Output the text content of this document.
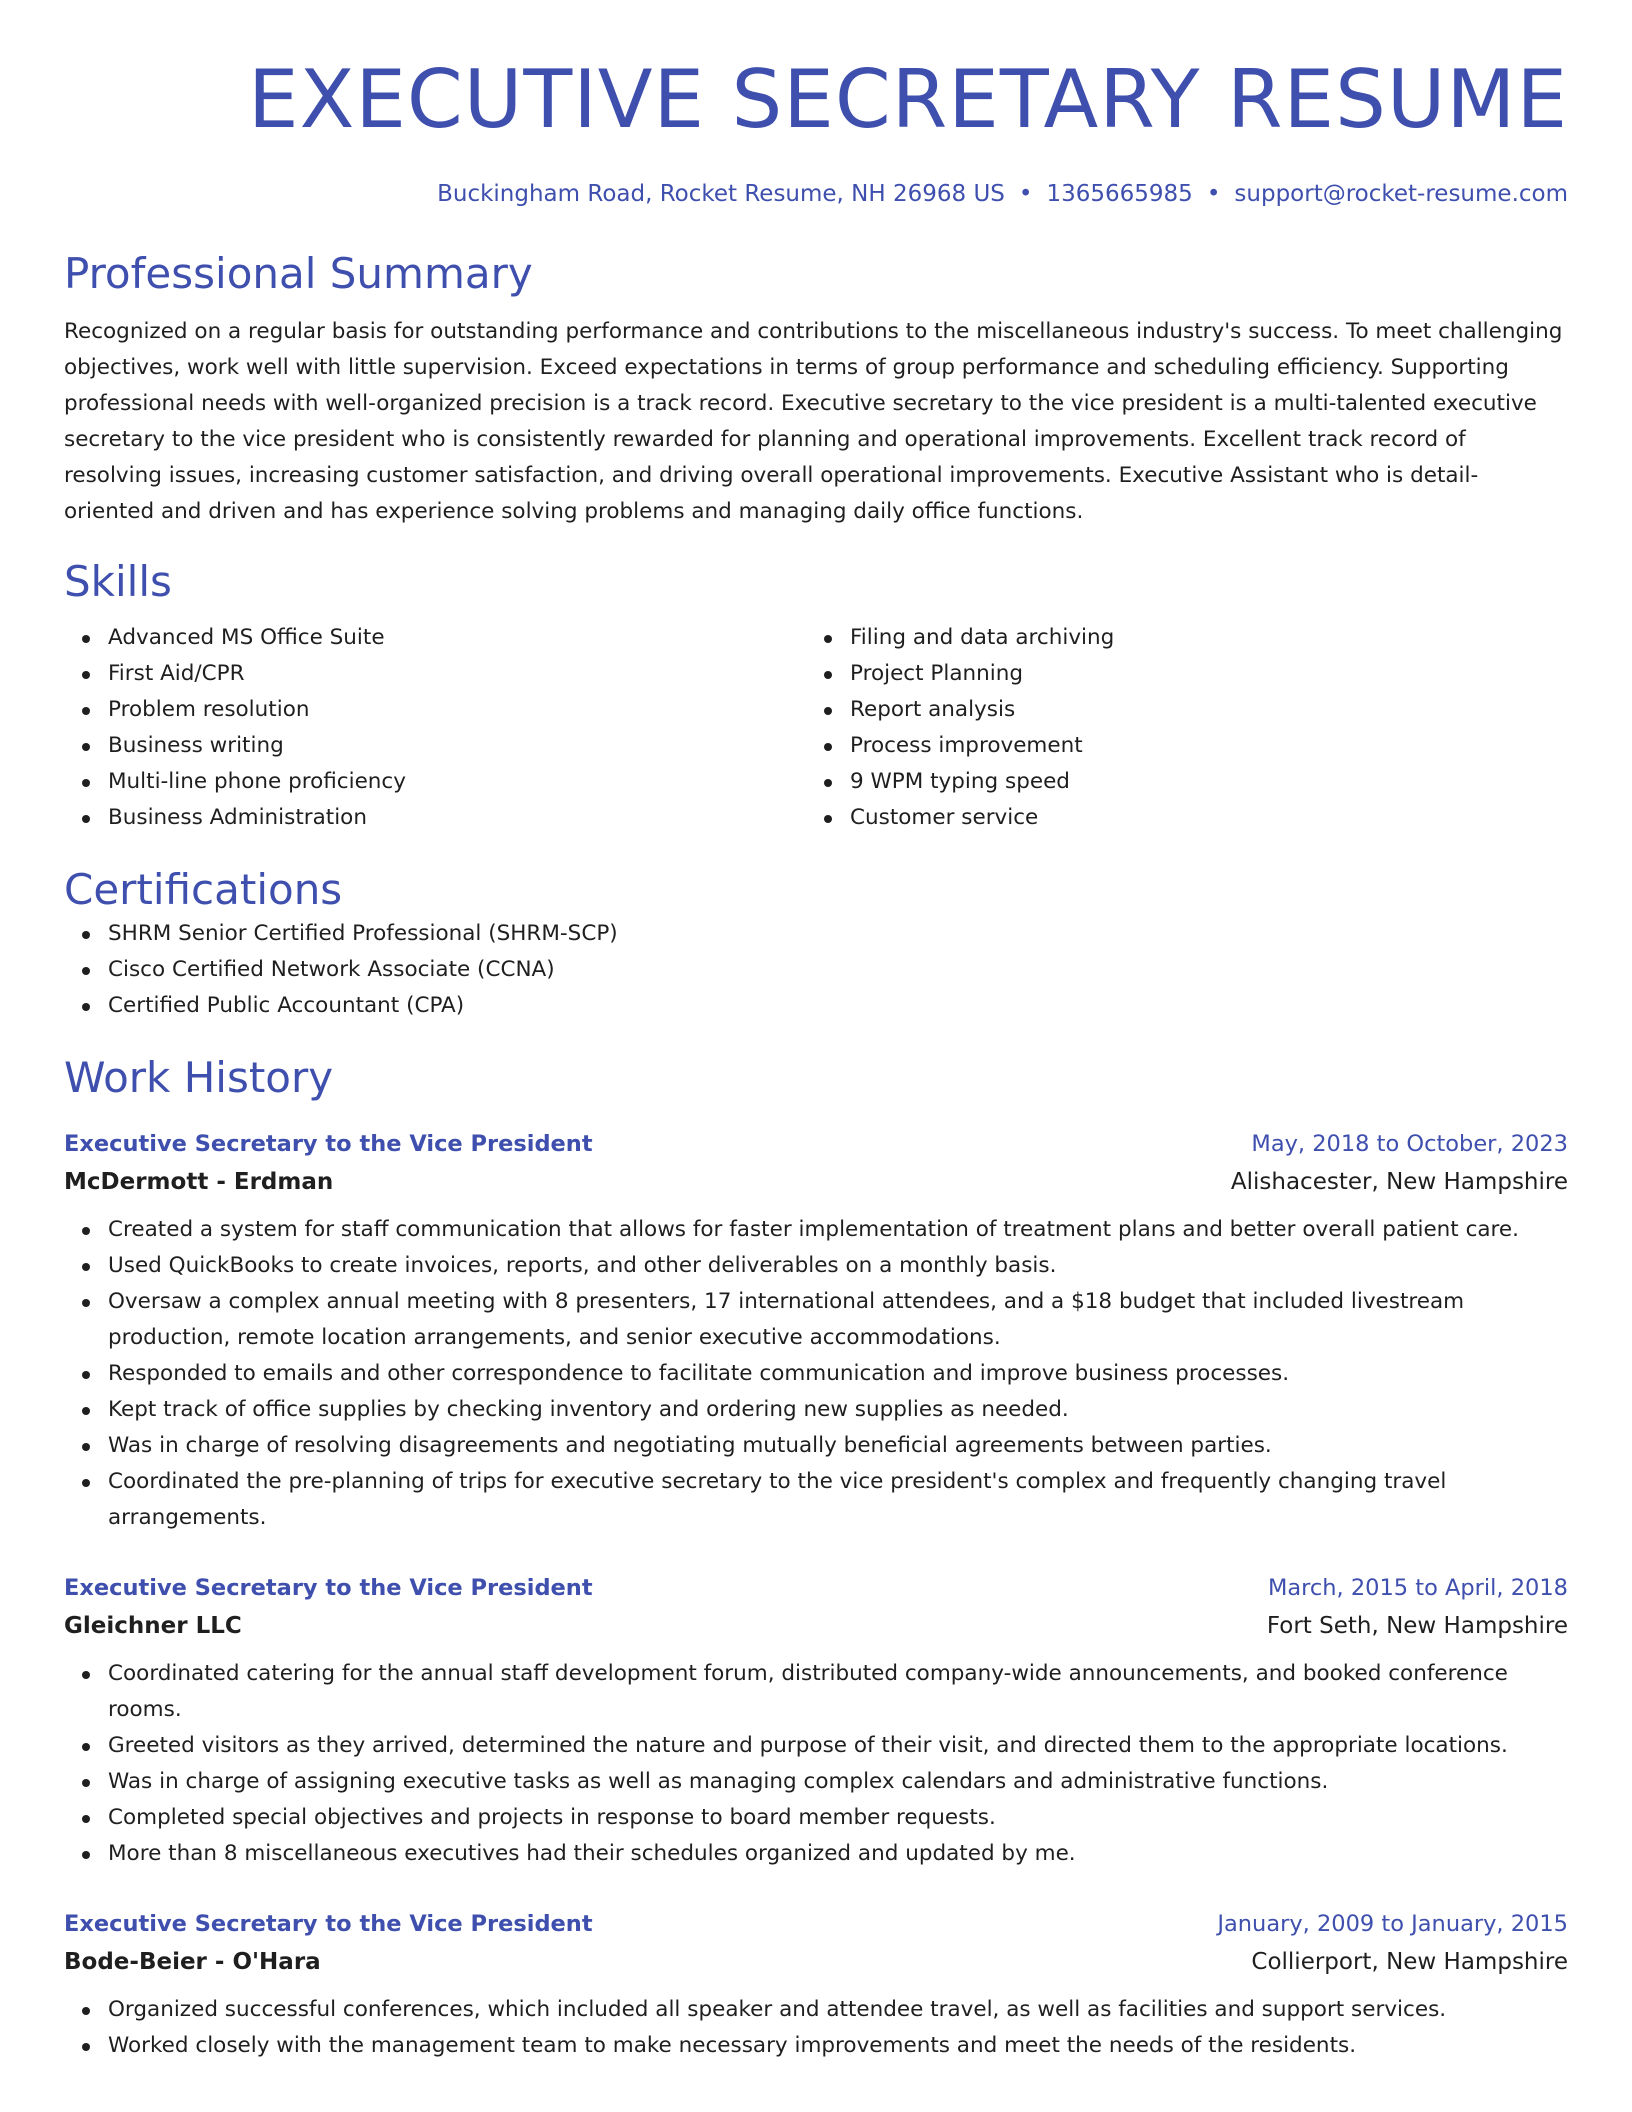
EXECUTIVE SECRETARY RESUME
Buckingham Road, Rocket Resume, NH 26968 US • 1365665985 • support@rocket-resume.com
Professional Summary
Recognized on a regular basis for outstanding performance and contributions to the miscellaneous industry's success. To meet challenging objectives, work well with little supervision. Exceed expectations in terms of group performance and scheduling efficiency. Supporting professional needs with well-organized precision is a track record. Executive secretary to the vice president is a multi-talented executive secretary to the vice president who is consistently rewarded for planning and operational improvements. Excellent track record of resolving issues, increasing customer satisfaction, and driving overall operational improvements. Executive Assistant who is detail-oriented and driven and has experience solving problems and managing daily office functions.
Skills
Advanced MS Office Suite
First Aid/CPR
Problem resolution
Business writing
Multi-line phone proficiency
Business Administration
Filing and data archiving
Project Planning
Report analysis
Process improvement
9 WPM typing speed
Customer service
Certifications
SHRM Senior Certified Professional (SHRM-SCP)
Cisco Certified Network Associate (CCNA)
Certified Public Accountant (CPA)
Work History
Executive Secretary to the Vice President	May, 2018 to October, 2023
McDermott - Erdman	Alishacester, New Hampshire
Created a system for staff communication that allows for faster implementation of treatment plans and better overall patient care.
Used QuickBooks to create invoices, reports, and other deliverables on a monthly basis.
Oversaw a complex annual meeting with 8 presenters, 17 international attendees, and a $18 budget that included livestream production, remote location arrangements, and senior executive accommodations.
Responded to emails and other correspondence to facilitate communication and improve business processes.
Kept track of office supplies by checking inventory and ordering new supplies as needed.
Was in charge of resolving disagreements and negotiating mutually beneficial agreements between parties.
Coordinated the pre-planning of trips for executive secretary to the vice president's complex and frequently changing travel arrangements.
Executive Secretary to the Vice President	March, 2015 to April, 2018
Gleichner LLC	Fort Seth, New Hampshire
Coordinated catering for the annual staff development forum, distributed company-wide announcements, and booked conference rooms.
Greeted visitors as they arrived, determined the nature and purpose of their visit, and directed them to the appropriate locations.
Was in charge of assigning executive tasks as well as managing complex calendars and administrative functions.
Completed special objectives and projects in response to board member requests.
More than 8 miscellaneous executives had their schedules organized and updated by me.
Executive Secretary to the Vice President	January, 2009 to January, 2015
Bode-Beier - O'Hara	Collierport, New Hampshire
Organized successful conferences, which included all speaker and attendee travel, as well as facilities and support services.
Worked closely with the management team to make necessary improvements and meet the needs of the residents.
